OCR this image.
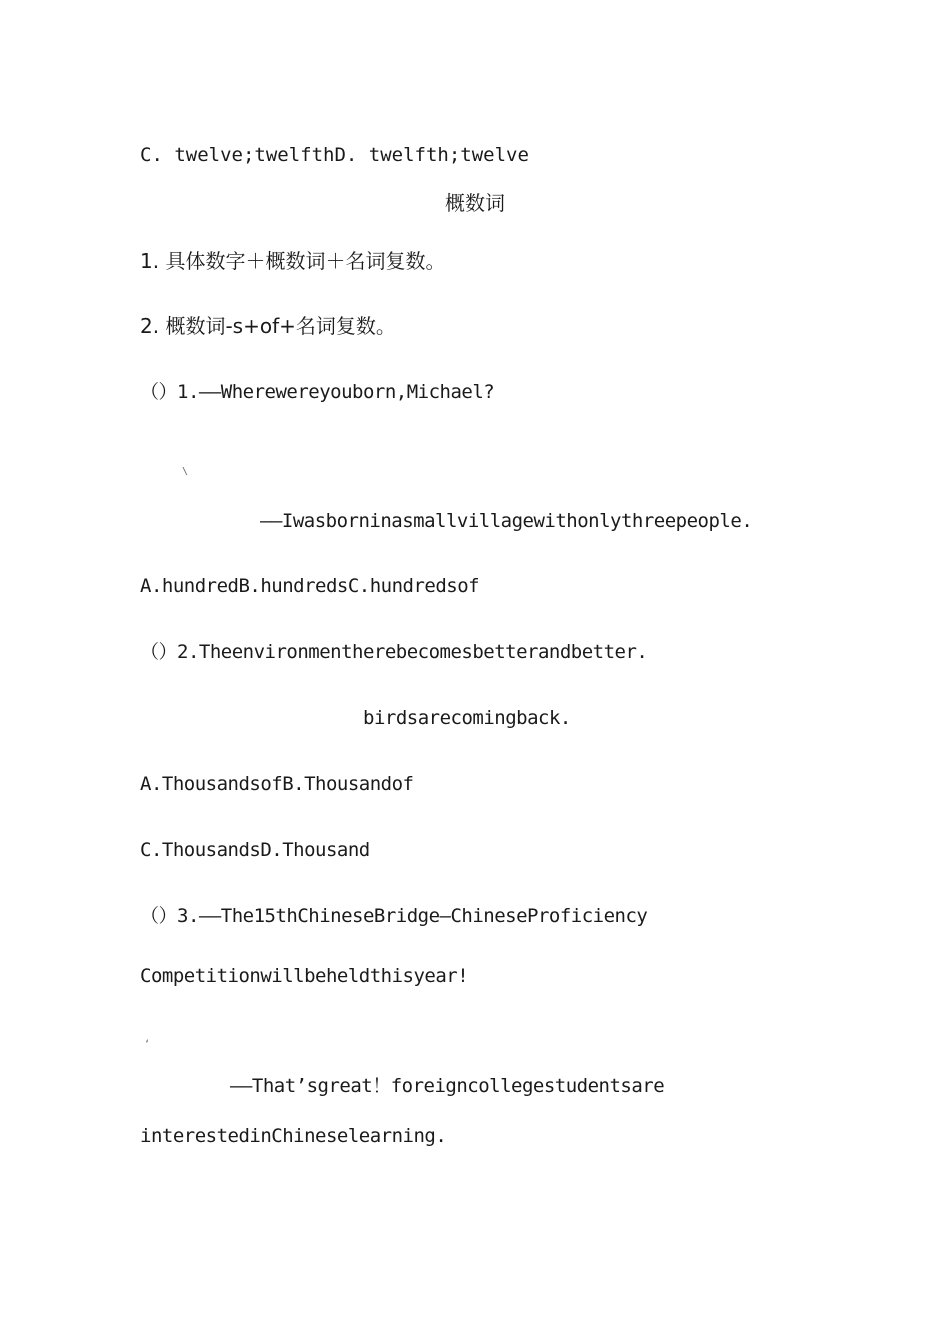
C. twelve;twelfthD. twelfth;twelve
概数词
1. 具体数字＋概数词＋名词复数。
2. 概数词-s+of+名词复数。
（）1.——Wherewereyouborn,Michael?
\
——Iwasborninasmallvillagewithonlythreepeople.
A.hundredB.hundredsC.hundredsof
（）2.Theenvironmentherebecomesbetterandbetter.
birdsarecomingback.
A.ThousandsofB.Thousandof
C.ThousandsD.Thousand
（）3.——The15thChineseBridge—ChineseProficiency
Competitionwillbeheldthisyear!
‘
——That’sgreat！foreigncollegestudentsare
interestedinChineselearning.
